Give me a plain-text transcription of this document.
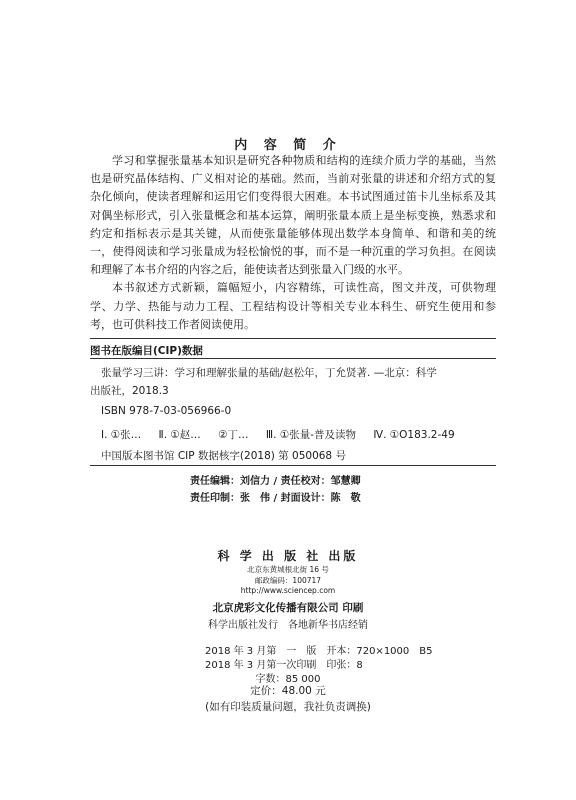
内 容 简 介

学习和掌握张量基本知识是研究各种物质和结构的连续介质力学的基础，当然也是研究晶体结构、广义相对论的基础。然而，当前对张量的讲述和介绍方式的复杂化倾向，使读者理解和运用它们变得很大困难。本书试图通过笛卡儿坐标系及其对偶坐标形式，引入张量概念和基本运算，阐明张量本质上是坐标变换，熟悉求和约定和指标表示是其关键，从而使张量能够体现出数学本身简单、和谐和美的统一，使得阅读和学习张量成为轻松愉悦的事，而不是一种沉重的学习负担。在阅读和理解了本书介绍的内容之后，能使读者达到张量入门级的水平。

本书叙述方式新颖，篇幅短小，内容精练，可读性高，图文并茂，可供物理学、力学、热能与动力工程、工程结构设计等相关专业本科生、研究生使用和参考，也可供科技工作者阅读使用。

图书在版编目(CIP)数据
张量学习三讲：学习和理解张量的基础/赵松年，丁允贤著. —北京：科学
出版社，2018.3
ISBN 978-7-03-056966-0
Ⅰ. ①张… Ⅱ. ①赵… ②丁… Ⅲ. ①张量-普及读物 Ⅳ. ①O183.2-49
中国版本图书馆 CIP 数据核字(2018) 第 050068 号
责任编辑：刘信力 / 责任校对：邹慧卿
责任印制：张　伟 / 封面设计：陈　敬
科 学 出 版 社 出版
北京东黄城根北街 16 号
邮政编码：100717
http://www.sciencep.com
北京虎彩文化传播有限公司 印刷
科学出版社发行　各地新华书店经销
2018 年 3 月第　一　版　开本：720×1000　B5
2018 年 3 月第一次印刷　印张：8
字数：85 000
定价：48.00 元
(如有印装质量问题，我社负责调换)
